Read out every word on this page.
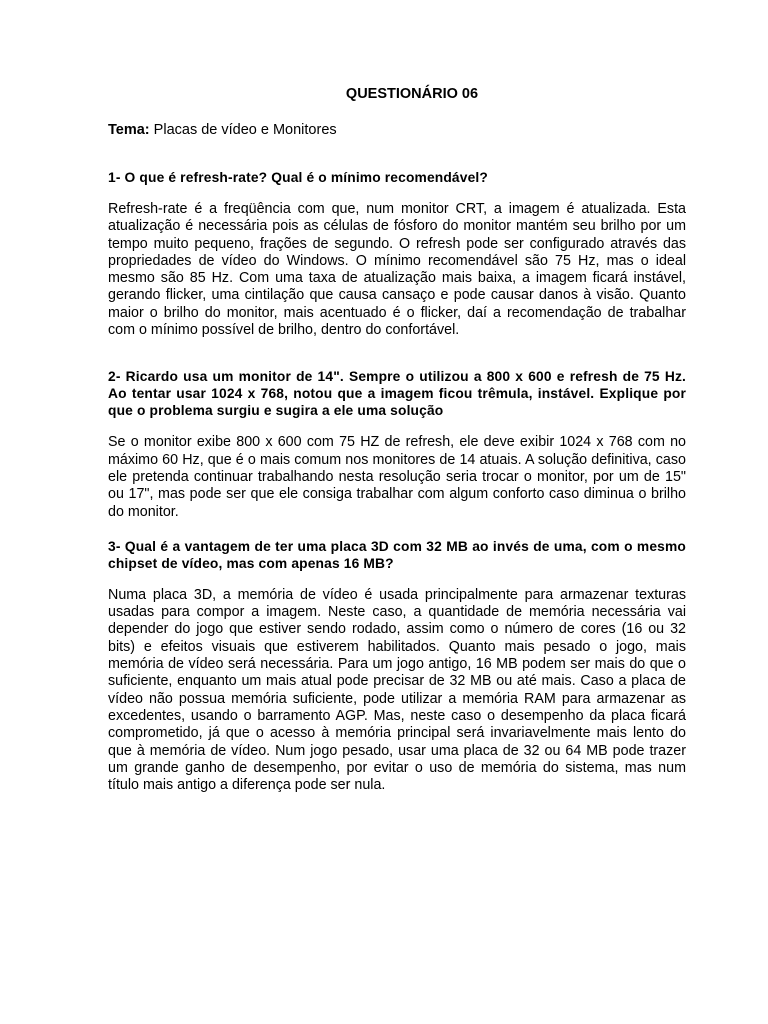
QUESTIONÁRIO 06
Tema: Placas de vídeo e Monitores
1- O que é refresh-rate? Qual é o mínimo recomendável?
Refresh-rate é a freqüência com que, num monitor CRT, a imagem é atualizada. Esta atualização é necessária pois as células de fósforo do monitor mantém seu brilho por um tempo muito pequeno, frações de segundo. O refresh pode ser configurado através das propriedades de vídeo do Windows. O mínimo recomendável são 75 Hz, mas o ideal mesmo são 85 Hz. Com uma taxa de atualização mais baixa, a imagem ficará instável, gerando flicker, uma cintilação que causa cansaço e pode causar danos à visão. Quanto maior o brilho do monitor, mais acentuado é o flicker, daí a recomendação de trabalhar com o mínimo possível de brilho, dentro do confortável.
2- Ricardo usa um monitor de 14". Sempre o utilizou a 800 x 600 e refresh de 75 Hz. Ao tentar usar 1024 x 768, notou que a imagem ficou trêmula, instável. Explique por que o problema surgiu e sugira a ele uma solução
Se o monitor exibe 800 x 600 com 75 HZ de refresh, ele deve exibir 1024 x 768 com no máximo 60 Hz, que é o mais comum nos monitores de 14 atuais. A solução definitiva, caso ele pretenda continuar trabalhando nesta resolução seria trocar o monitor, por um de 15" ou 17", mas pode ser que ele consiga trabalhar com algum conforto caso diminua o brilho do monitor.
3- Qual é a vantagem de ter uma placa 3D com 32 MB ao invés de uma, com o mesmo chipset de vídeo, mas com apenas 16 MB?
Numa placa 3D, a memória de vídeo é usada principalmente para armazenar texturas usadas para compor a imagem. Neste caso, a quantidade de memória necessária vai depender do jogo que estiver sendo rodado, assim como o número de cores (16 ou 32 bits) e efeitos visuais que estiverem habilitados. Quanto mais pesado o jogo, mais memória de vídeo será necessária. Para um jogo antigo, 16 MB podem ser mais do que o suficiente, enquanto um mais atual pode precisar de 32 MB ou até mais. Caso a placa de vídeo não possua memória suficiente, pode utilizar a memória RAM para armazenar as excedentes, usando o barramento AGP. Mas, neste caso o desempenho da placa ficará comprometido, já que o acesso à memória principal será invariavelmente mais lento do que à memória de vídeo. Num jogo pesado, usar uma placa de 32 ou 64 MB pode trazer um grande ganho de desempenho, por evitar o uso de memória do sistema, mas num título mais antigo a diferença pode ser nula.
